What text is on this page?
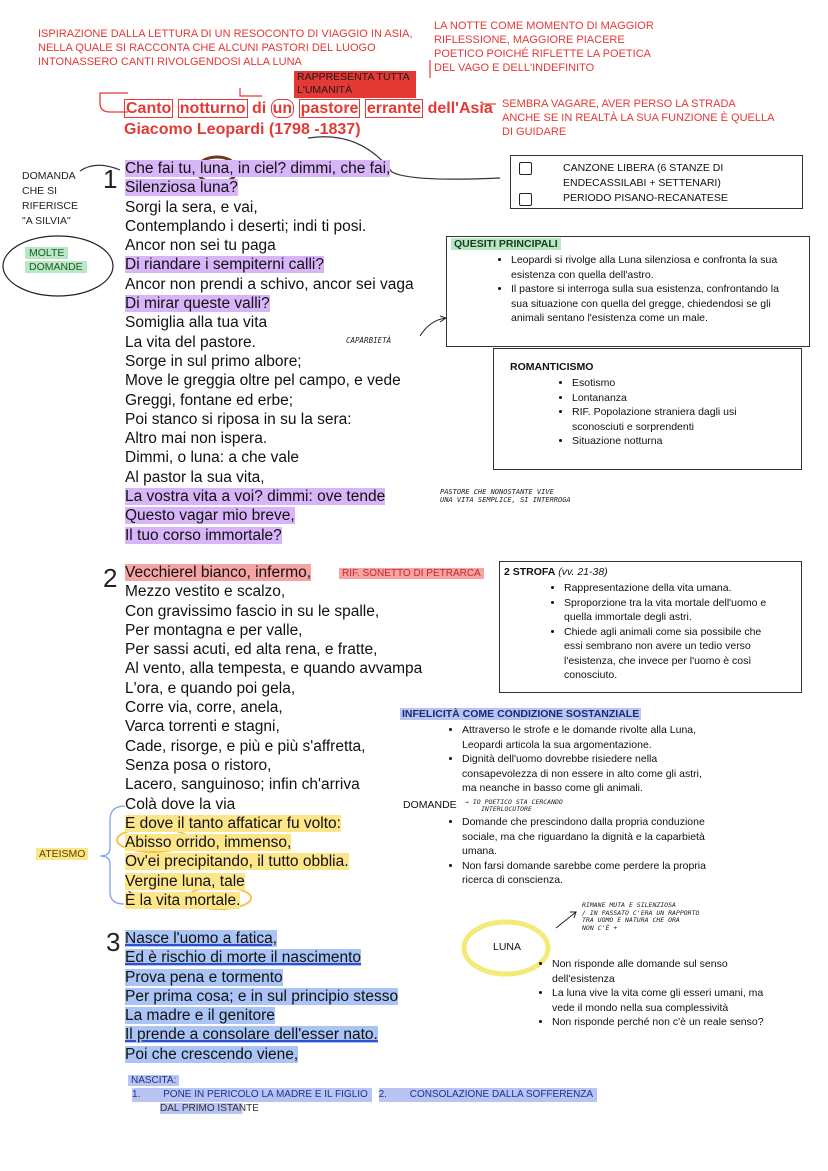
ISPIRAZIONE DALLA LETTURA DI UN RESOCONTO DI VIAGGIO IN ASIA,
NELLA QUALE SI RACCONTA CHE ALCUNI PASTORI DEL LUOGO
INTONASSERO CANTI RIVOLGENDOSI ALLA LUNA
LA NOTTE COME MOMENTO DI MAGGIOR
RIFLESSIONE, MAGGIORE PIACERE
POETICO POICHÉ RIFLETTE LA POETICA
DEL VAGO E DELL'INDEFINITO
RAPPRESENTA TUTTA
L'UMANITÀ
SEMBRA VAGARE, AVER PERSO LA STRADA
ANCHE SE IN REALTÀ LA SUA FUNZIONE È QUELLA
DI GUIDARE
Canto notturno di un pastore errante dell'Asia
Giacomo Leopardi (1798 -1837)
DOMANDA
CHE SI
RIFERISCE
"A SILVIA"
MOLTE
DOMANDE
1
2
3
Che fai tu, luna, in ciel? dimmi, che fai,
Silenziosa luna?
Sorgi la sera, e vai,
Contemplando i deserti; indi ti posi.
Ancor non sei tu paga
Di riandare i sempiterni calli?
Ancor non prendi a schivo, ancor sei vaga
Di mirar queste valli?
Somiglia alla tua vita
La vita del pastore.
Sorge in sul primo albore;
Move le greggia oltre pel campo, e vede
Greggi, fontane ed erbe;
Poi stanco si riposa in su la sera:
Altro mai non ispera.
Dimmi, o luna: a che vale
Al pastor la sua vita,
La vostra vita a voi? dimmi: ove tende
Questo vagar mio breve,
Il tuo corso immortale?
CAPARBIETÀ
PASTORE CHE NONOSTANTE VIVE
UNA VITA SEMPLICE, SI INTERROGA
Vecchierel bianco, infermo,
Mezzo vestito e scalzo,
Con gravissimo fascio in su le spalle,
Per montagna e per valle,
Per sassi acuti, ed alta rena, e fratte,
Al vento, alla tempesta, e quando avvampa
L'ora, e quando poi gela,
Corre via, corre, anela,
Varca torrenti e stagni,
Cade, risorge, e più e più s'affretta,
Senza posa o ristoro,
Lacero, sanguinoso; infin ch'arriva
Colà dove la via
E dove il tanto affaticar fu volto:
Abisso orrido, immenso,
Ov'ei precipitando, il tutto obblia.
Vergine luna, tale
È la vita mortale.
RIF. SONETTO DI PETRARCA
ATEISMO
Nasce l'uomo a fatica,
Ed è rischio di morte il nascimento
Prova pena e tormento
Per prima cosa; e in sul principio stesso
La madre e il genitore
Il prende a consolare dell'esser nato.
Poi che crescendo viene,
NASCITA:
1. PONE IN PERICOLO LA MADRE E IL FIGLIO 2. CONSOLAZIONE DALLA SOFFERENZA
DAL PRIMO ISTANTE
CANZONE LIBERA (6 STANZE DI
ENDECASSILABI + SETTENARI)
PERIODO PISANO-RECANATESE
QUESITI PRINCIPALI
• Leopardi si rivolge alla Luna silenziosa e confronta la sua esistenza con quella dell'astro.
• Il pastore si interroga sulla sua esistenza, confrontando la sua situazione con quella del gregge, chiedendosi se gli animali sentano l'esistenza come un male.
ROMANTICISMO
• Esotismo
• Lontananza
• RIF. Popolazione straniera dagli usi
sconosciuti e sorprendenti
• Situazione notturna
2 STROFA (vv. 21-38)
• Rappresentazione della vita umana.
• Sproporzione tra la vita mortale dell'uomo e
quella immortale degli astri.
• Chiede agli animali come sia possibile che
essi sembrano non avere un tedio verso
l'esistenza, che invece per l'uomo è così
conosciuto.
INFELICITÀ COME CONDIZIONE SOSTANZIALE
• Attraverso le strofe e le domande rivolte alla Luna,
Leopardi articola la sua argomentazione.
• Dignità dell'uomo dovrebbe risiedere nella
consapevolezza di non essere in alto come gli astri,
ma neanche in basso come gli animali.
DOMANDE → IO POETICO STA CERCANDO
INTERLOCUTORE
• Domande che prescindono dalla propria conduzione
sociale, ma che riguardano la dignità e la caparbietà
umana.
• Non farsi domande sarebbe come perdere la propria
ricerca di conscienza.
LUNA
RIMANE MUTA E SILENZIOSA
/ IN PASSATO C'ERA UN RAPPORTO
TRA UOMO E NATURA CHE ORA
NON C'È +
• Non risponde alle domande sul senso
dell'esistenza
• La luna vive la vita come gli esseri umani, ma
vede il mondo nella sua complessività
• Non risponde perché non c'è un reale senso?
